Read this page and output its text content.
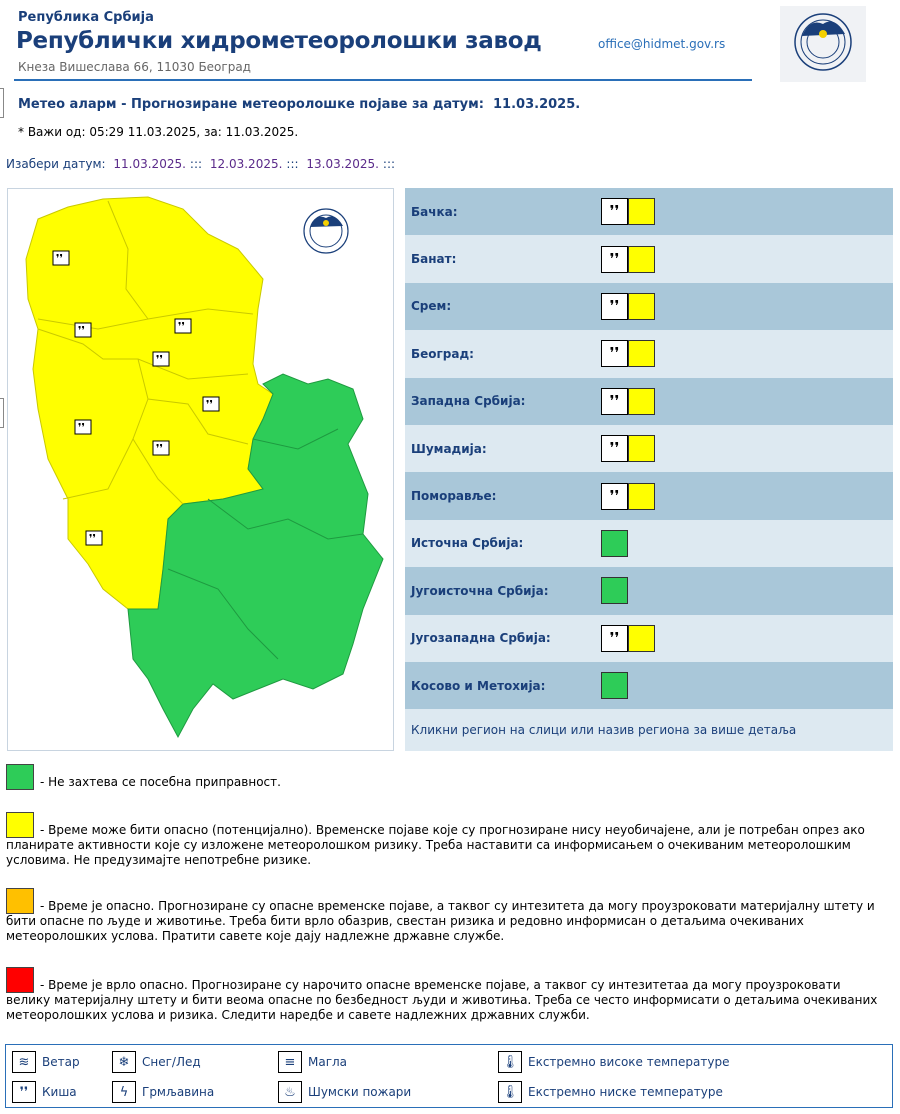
Република Србија
Републички хидрометеоролошки завод
Кнеза Вишеслава 66, 11030 Београд
office@hidmet.gov.rs
Метео аларм - Прогнозиране метеоролошке појаве за датум: 11.03.2025.
* Важи од: 05:29 11.03.2025, за: 11.03.2025.
Изабери датум: 11.03.2025. ::: 12.03.2025. ::: 13.03.2025. :::
❜❜
❜❜	❜❜
❜❜
❜❜
❜❜
❜❜
❜❜
Бачка:	❜❜
Банат:	❜❜
Срем:	❜❜
Београд:	❜❜
Западна Србија:	❜❜
Шумадија:	❜❜
Поморавље:	❜❜
Источна Србија:
Југоисточна Србија:
Југозападна Србија:	❜❜
Косово и Метохија:
Кликни регион на слици или назив региона за више детаља
- Не захтева се посебна приправност.
- Време може бити опасно (потенцијално). Временске појаве које су прогнозиране нису неуобичајене, али је потребан опрез ако планирате активности које су изложене метеоролошком ризику. Треба наставити са информисањем о очекиваним метеоролошким условима. Не предузимајте непотребне ризике.
- Време је опасно. Прогнозиране су опасне временске појаве, а таквог су интезитета да могу проузроковати материјалну штету и бити опасне по људе и животиње. Треба бити врло обазрив, свестан ризика и редовно информисан о детаљима очекиваних метеоролошких услова. Пратити савете које дају надлежне државне службе.
- Време је врло опасно. Прогнозиране су нарочито опасне временске појаве, а таквог су интезитетаа да могу проузроковати велику материјалну штету и бити веома опасне по безбедност људи и животиња. Треба се често информисати о детаљима очекиваних метеоролошких услова и ризика. Следити наредбе и савете надлежних државних служби.
≋	Ветар	❄	Снег/Лед	≡	Магла	🌡 Екстремно високе температуре
❜❜	Киша	ϟ	Грмљавина	♨	Шумски пожари	🌡 Екстремно ниске температуре
